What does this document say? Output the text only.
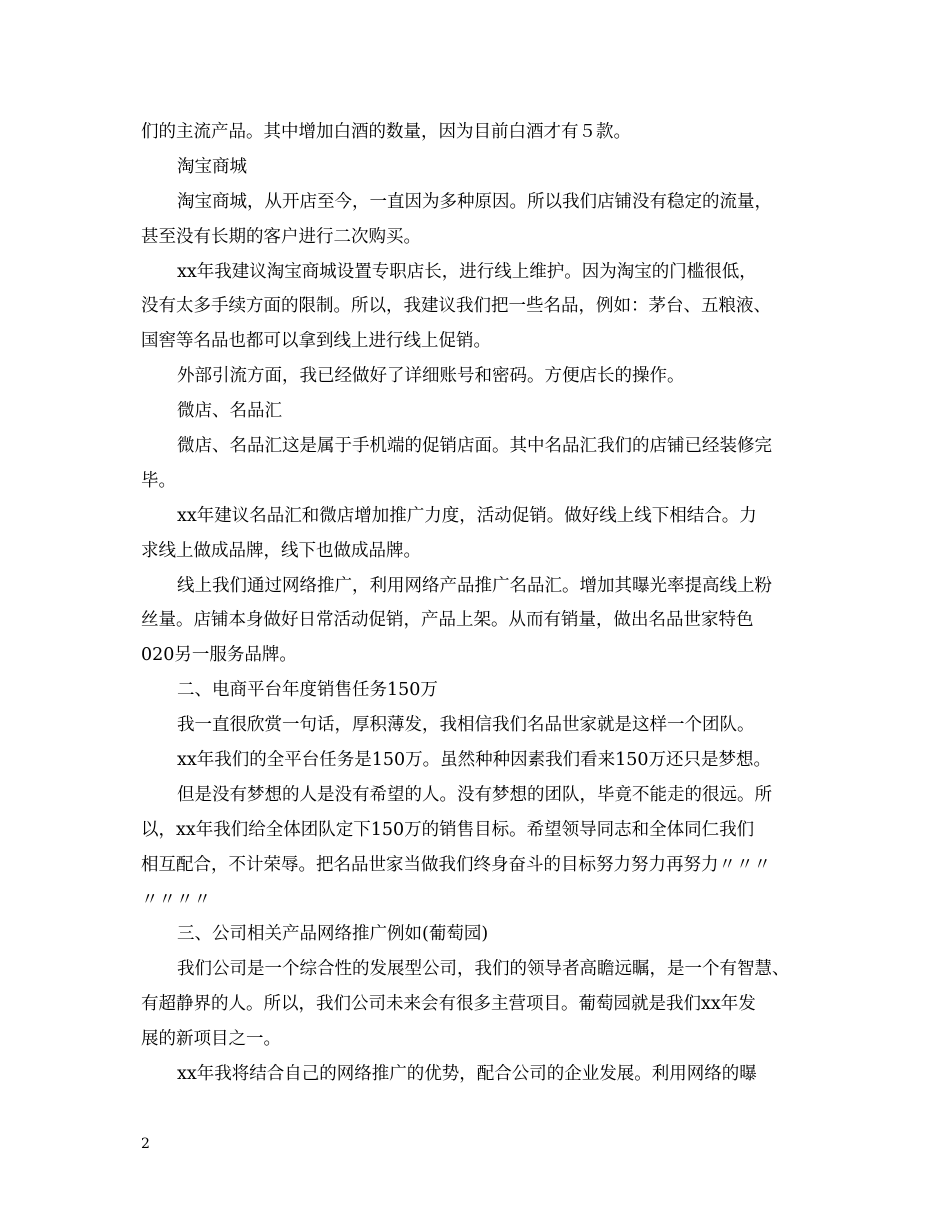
们的主流产品。其中增加白酒的数量，因为目前白酒才有５款。
淘宝商城
淘宝商城，从开店至今，一直因为多种原因。所以我们店铺没有稳定的流量，
甚至没有长期的客户进行二次购买。
xx年我建议淘宝商城设置专职店长，进行线上维护。因为淘宝的门槛很低，
没有太多手续方面的限制。所以，我建议我们把一些名品，例如：茅台、五粮液、
国窖等名品也都可以拿到线上进行线上促销。
外部引流方面，我已经做好了详细账号和密码。方便店长的操作。
微店、名品汇
微店、名品汇这是属于手机端的促销店面。其中名品汇我们的店铺已经装修完
毕。
xx年建议名品汇和微店增加推广力度，活动促销。做好线上线下相结合。力
求线上做成品牌，线下也做成品牌。
线上我们通过网络推广，利用网络产品推广名品汇。增加其曝光率提高线上粉
丝量。店铺本身做好日常活动促销，产品上架。从而有销量，做出名品世家特色
020另一服务品牌。
二、电商平台年度销售任务150万
我一直很欣赏一句话，厚积薄发，我相信我们名品世家就是这样一个团队。
xx年我们的全平台任务是150万。虽然种种因素我们看来150万还只是梦想。
但是没有梦想的人是没有希望的人。没有梦想的团队，毕竟不能走的很远。所
以，xx年我们给全体团队定下150万的销售目标。希望领导同志和全体同仁我们
相互配合，不计荣辱。把名品世家当做我们终身奋斗的目标努力努力再努力〃〃〃
〃〃〃〃
三、公司相关产品网络推广例如(葡萄园)
我们公司是一个综合性的发展型公司，我们的领导者高瞻远瞩，是一个有智慧、
有超静界的人。所以，我们公司未来会有很多主营项目。葡萄园就是我们xx年发
展的新项目之一。
xx年我将结合自己的网络推广的优势，配合公司的企业发展。利用网络的曝
2
